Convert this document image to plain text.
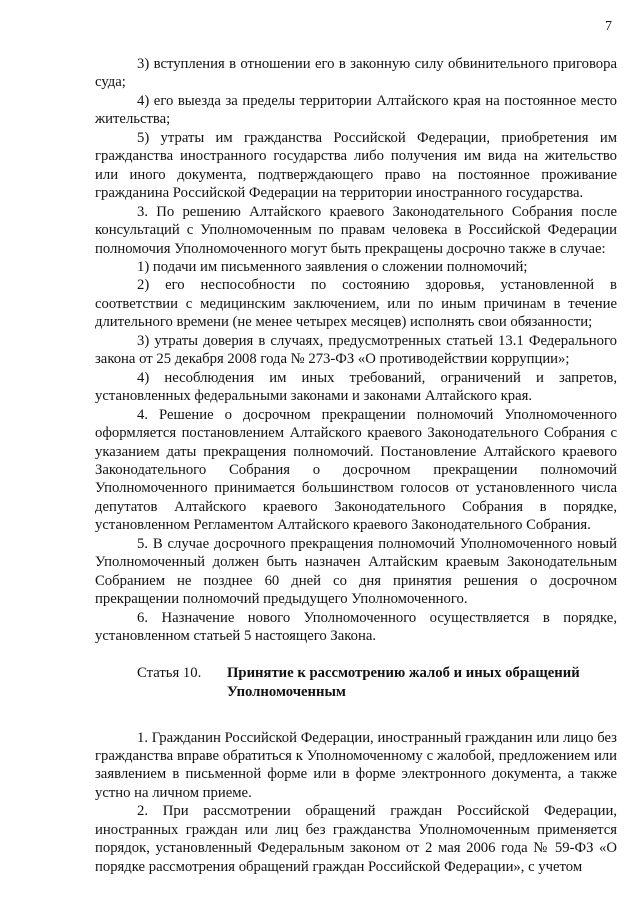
7

3) вступления в отношении его в законную силу обвинительного приговора суда;

4) его выезда за пределы территории Алтайского края на постоянное место жительства;

5) утраты им гражданства Российской Федерации, приобретения им гражданства иностранного государства либо получения им вида на жительство или иного документа, подтверждающего право на постоянное проживание гражданина Российской Федерации на территории иностранного государства.

3. По решению Алтайского краевого Законодательного Собрания после консультаций с Уполномоченным по правам человека в Российской Федерации полномочия Уполномоченного могут быть прекращены досрочно также в случае:

1) подачи им письменного заявления о сложении полномочий;

2) его неспособности по состоянию здоровья, установленной в соответствии с медицинским заключением, или по иным причинам в течение длительного времени (не менее четырех месяцев) исполнять свои обязанности;

3) утраты доверия в случаях, предусмотренных статьей 13.1 Федерального закона от 25 декабря 2008 года № 273-ФЗ «О противодействии коррупции»;

4) несоблюдения им иных требований, ограничений и запретов, установленных федеральными законами и законами Алтайского края.

4. Решение о досрочном прекращении полномочий Уполномоченного оформляется постановлением Алтайского краевого Законодательного Собрания с указанием даты прекращения полномочий. Постановление Алтайского краевого Законодательного Собрания о досрочном прекращении полномочий Уполномоченного принимается большинством голосов от установленного числа депутатов Алтайского краевого Законодательного Собрания в порядке, установленном Регламентом Алтайского краевого Законодательного Собрания.

5. В случае досрочного прекращения полномочий Уполномоченного новый Уполномоченный должен быть назначен Алтайским краевым Законодательным Собранием не позднее 60 дней со дня принятия решения о досрочном прекращении полномочий предыдущего Уполномоченного.

6. Назначение нового Уполномоченного осуществляется в порядке, установленном статьей 5 настоящего Закона.

Статья 10.	Принятие к рассмотрению жалоб и иных обращений Уполномоченным

1. Гражданин Российской Федерации, иностранный гражданин или лицо без гражданства вправе обратиться к Уполномоченному с жалобой, предложением или заявлением в письменной форме или в форме электронного документа, а также устно на личном приеме.

2. При рассмотрении обращений граждан Российской Федерации, иностранных граждан или лиц без гражданства Уполномоченным применяется порядок, установленный Федеральным законом от 2 мая 2006 года № 59-ФЗ «О порядке рассмотрения обращений граждан Российской Федерации», с учетом
